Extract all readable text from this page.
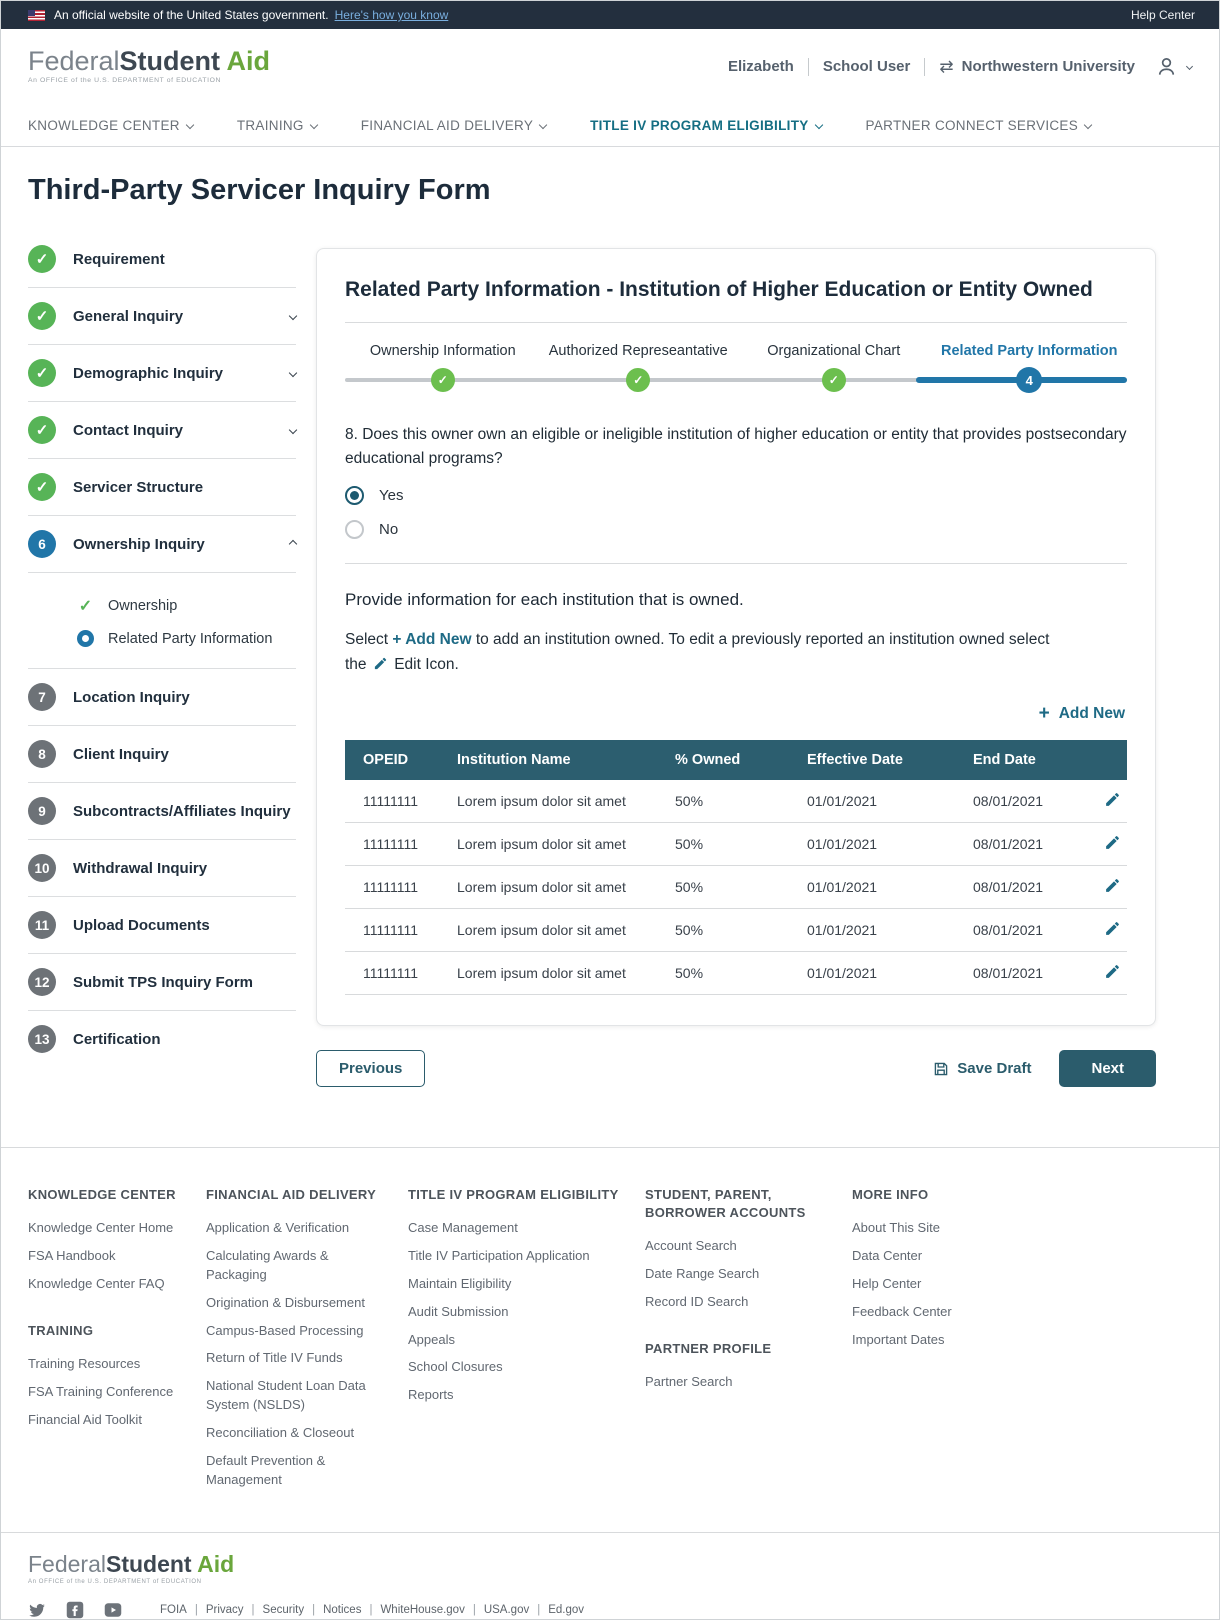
An official website of the United States government. Here's how you know	Help Center
FederalStudent Aid
An OFFICE of the U.S. DEPARTMENT of EDUCATION
Elizabeth School User ⇄ Northwestern University
KNOWLEDGE CENTER	TRAINING	FINANCIAL AID DELIVERY	TITLE IV PROGRAM ELIGIBILITY	PARTNER CONNECT SERVICES
Third-Party Servicer Inquiry Form
✓	Requirement
✓	General Inquiry
✓	Demographic Inquiry
✓	Contact Inquiry
✓	Servicer Structure
6	Ownership Inquiry
✓ Ownership
Related Party Information
7	Location Inquiry
8	Client Inquiry
9	Subcontracts/Affiliates Inquiry
10	Withdrawal Inquiry
11	Upload Documents
12	Submit TPS Inquiry Form
13	Certification
Related Party Information - Institution of Higher Education or Entity Owned
Ownership Information	Authorized Represeantative	Organizational Chart	Related Party Information
✓	✓	✓	4
8. Does this owner own an eligible or ineligible institution of higher education or entity that provides postsecondary educational programs?
Yes
No
Provide information for each institution that is owned.
Select + Add New to add an institution owned. To edit a previously reported an institution owned select the Edit Icon.
+ Add New
OPEID	Institution Name	% Owned	Effective Date	End Date	
11111111	Lorem ipsum dolor sit amet	50%	01/01/2021	08/01/2021	
11111111	Lorem ipsum dolor sit amet	50%	01/01/2021	08/01/2021	
11111111	Lorem ipsum dolor sit amet	50%	01/01/2021	08/01/2021	
11111111	Lorem ipsum dolor sit amet	50%	01/01/2021	08/01/2021	
11111111	Lorem ipsum dolor sit amet	50%	01/01/2021	08/01/2021	
Previous	Save Draft	Next
KNOWLEDGE CENTER
Knowledge Center Home
FSA Handbook
Knowledge Center FAQ
TRAINING
Training Resources
FSA Training Conference
Financial Aid Toolkit
FINANCIAL AID DELIVERY
Application & Verification
Calculating Awards & Packaging
Origination & Disbursement
Campus-Based Processing
Return of Title IV Funds
National Student Loan Data System (NSLDS)
Reconciliation & Closeout
Default Prevention & Management
TITLE IV PROGRAM ELIGIBILITY
Case Management
Title IV Participation Application
Maintain Eligibility
Audit Submission
Appeals
School Closures
Reports
STUDENT, PARENT, BORROWER ACCOUNTS
Account Search
Date Range Search
Record ID Search
PARTNER PROFILE
Partner Search
MORE INFO
About This Site
Data Center
Help Center
Feedback Center
Important Dates
FederalStudent Aid
An OFFICE of the U.S. DEPARTMENT of EDUCATION
FOIA	| Privacy	| Security	| Notices	| WhiteHouse.gov	| USA.gov	| Ed.gov
